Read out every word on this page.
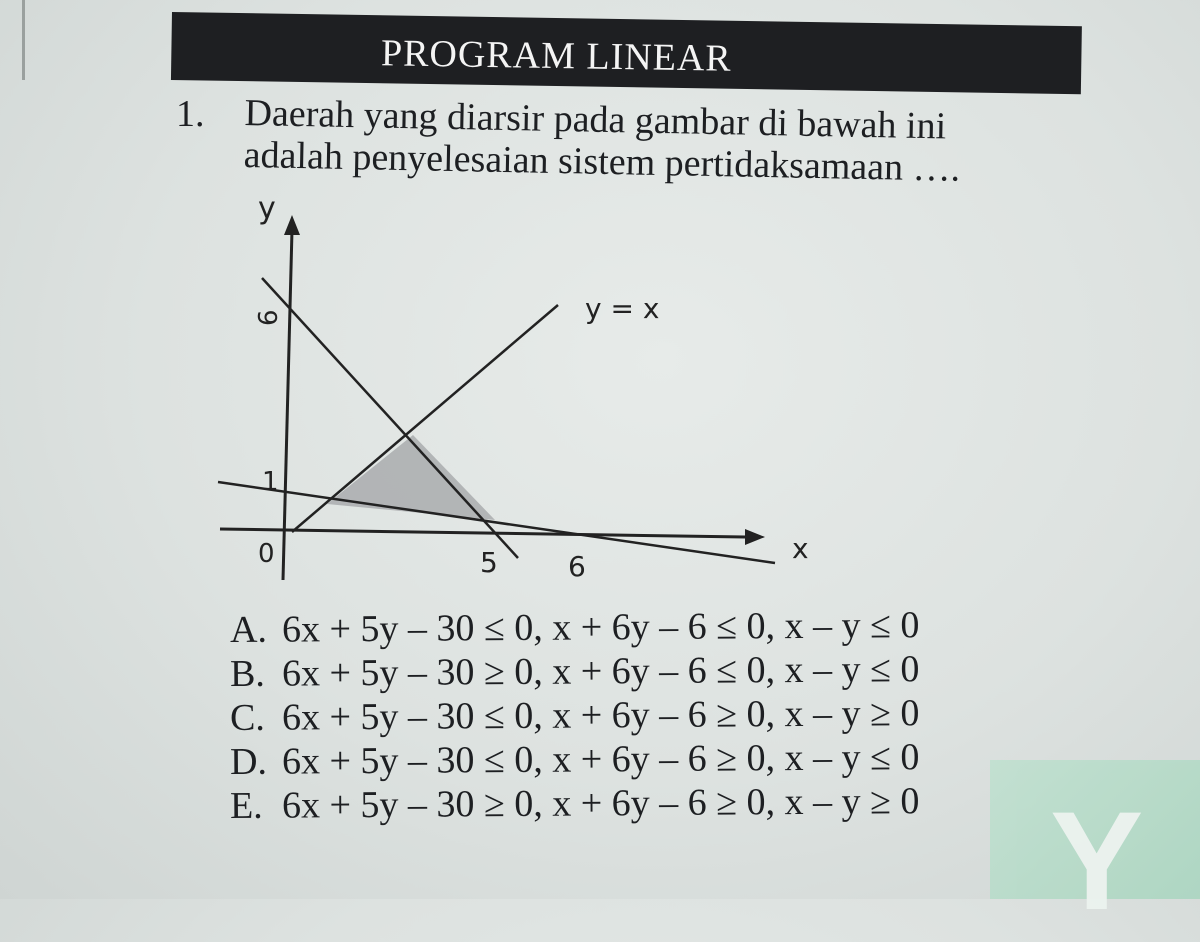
PROGRAM LINEAR
1. Daerah yang diarsir pada gambar di bawah ini
adalah penyelesaian sistem pertidaksamaan ….
y
x
y = x
6
1
0	5	6
A. 6x + 5y – 30 ≤ 0, x + 6y – 6 ≤ 0, x – y ≤ 0
B. 6x + 5y – 30 ≥ 0, x + 6y – 6 ≤ 0, x – y ≤ 0
C. 6x + 5y – 30 ≤ 0, x + 6y – 6 ≥ 0, x – y ≥ 0
D. 6x + 5y – 30 ≤ 0, x + 6y – 6 ≥ 0, x – y ≤ 0
E. 6x + 5y – 30 ≥ 0, x + 6y – 6 ≥ 0, x – y ≥ 0 Y
